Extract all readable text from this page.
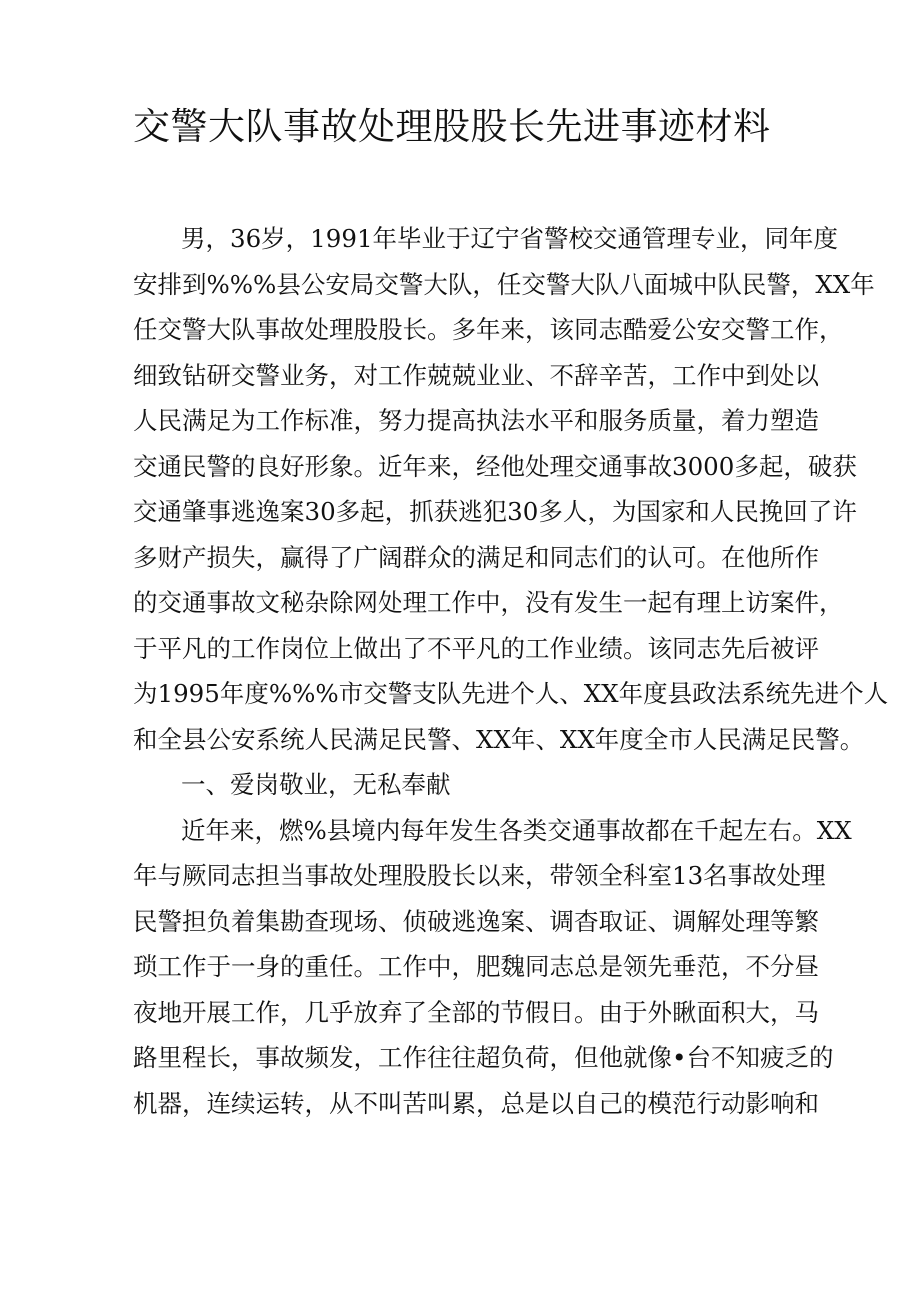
交警大队事故处理股股长先进事迹材料
男，36岁，1991年毕业于辽宁省警校交通管理专业，同年度
安排到%%%县公安局交警大队，任交警大队八面城中队民警，XX年
任交警大队事故处理股股长。多年来，该同志酷爱公安交警工作，
细致钻研交警业务，对工作兢兢业业、不辞辛苦，工作中到处以
人民满足为工作标准，努力提高执法水平和服务质量，着力塑造
交通民警的良好形象。近年来，经他处理交通事故3000多起，破获
交通肇事逃逸案30多起，抓获逃犯30多人，为国家和人民挽回了许
多财产损失，赢得了广阔群众的满足和同志们的认可。在他所作
的交通事故文秘杂除网处理工作中，没有发生一起有理上访案件，
于平凡的工作岗位上做出了不平凡的工作业绩。该同志先后被评
为1995年度%%%市交警支队先进个人、XX年度县政法系统先进个人
和全县公安系统人民满足民警、XX年、XX年度全市人民满足民警。
一、爱岗敬业，无私奉献
近年来，燃%县境内每年发生各类交通事故都在千起左右。XX
年与厥同志担当事故处理股股长以来，带领全科室13名事故处理
民警担负着集勘查现场、侦破逃逸案、调杳取证、调解处理等繁
琐工作于一身的重任。工作中，肥魏同志总是领先垂范，不分昼
夜地开展工作，几乎放弃了全部的节假日。由于外瞅面积大，马
路里程长，事故频发，工作往往超负荷，但他就像•台不知疲乏的
机器，连续运转，从不叫苦叫累，总是以自己的模范行动影响和
